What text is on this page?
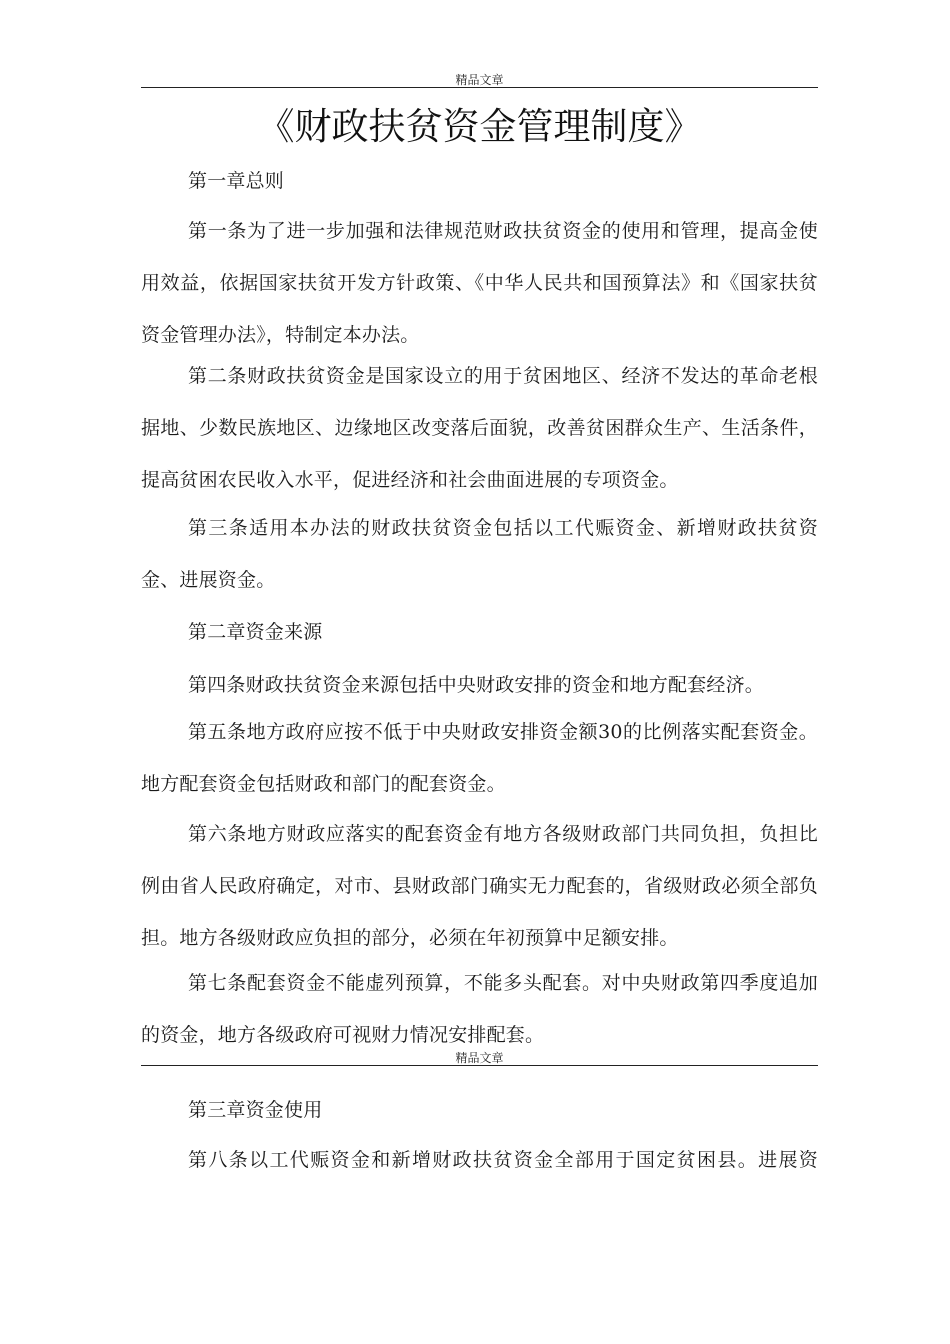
精品文章
《财政扶贫资金管理制度》
第一章总则
第一条为了进一步加强和法律规范财政扶贫资金的使用和管理，提高金使
用效益，依据国家扶贫开发方针政策、《中华人民共和国预算法》和《国家扶贫
资金管理办法》，特制定本办法。
第二条财政扶贫资金是国家设立的用于贫困地区、经济不发达的革命老根
据地、少数民族地区、边缘地区改变落后面貌，改善贫困群众生产、生活条件，
提高贫困农民收入水平，促进经济和社会曲面进展的专项资金。
第三条适用本办法的财政扶贫资金包括以工代赈资金、新增财政扶贫资
金、进展资金。
第二章资金来源
第四条财政扶贫资金来源包括中央财政安排的资金和地方配套经济。
第五条地方政府应按不低于中央财政安排资金额30的比例落实配套资金。
地方配套资金包括财政和部门的配套资金。
第六条地方财政应落实的配套资金有地方各级财政部门共同负担，负担比
例由省人民政府确定，对市、县财政部门确实无力配套的，省级财政必须全部负
担。地方各级财政应负担的部分，必须在年初预算中足额安排。
第七条配套资金不能虚列预算，不能多头配套。对中央财政第四季度追加
的资金，地方各级政府可视财力情况安排配套。
精品文章
第三章资金使用
第八条以工代赈资金和新增财政扶贫资金全部用于国定贫困县。进展资
